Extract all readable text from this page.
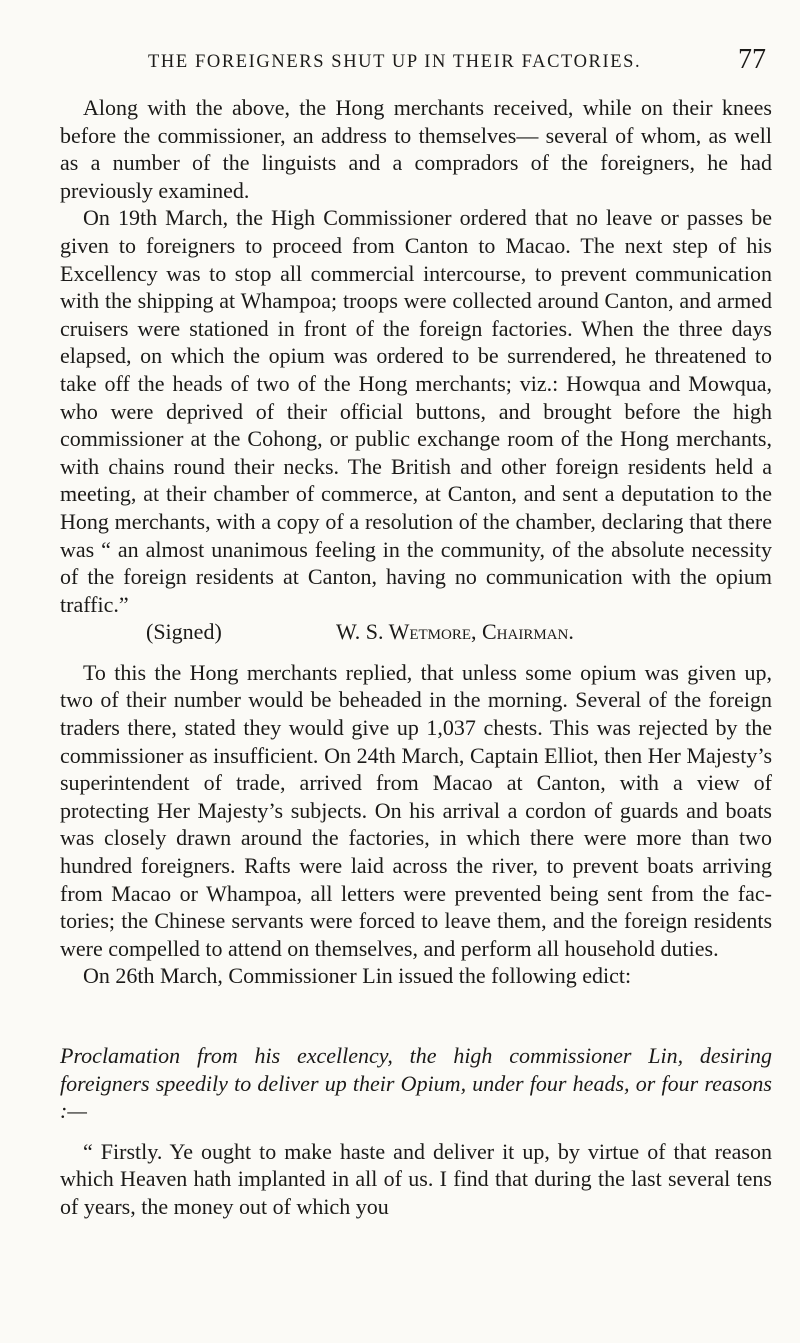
THE FOREIGNERS SHUT UP IN THEIR FACTORIES.	77

Along with the above, the Hong merchants received, while on their knees before the commissioner, an address to themselves— several of whom, as well as a number of the linguists and a compradors of the foreigners, he had previously examined.

On 19th March, the High Commissioner ordered that no leave or passes be given to foreigners to proceed from Canton to Macao. The next step of his Excellency was to stop all commercial intercourse, to prevent communication with the shipping at Whampoa; troops were collected around Canton, and armed cruisers were stationed in front of the foreign factories. When the three days elapsed, on which the opium was ordered to be surrendered, he threatened to take off the heads of two of the Hong merchants; viz.: Howqua and Mowqua, who were deprived of their official buttons, and brought before the high commissioner at the Cohong, or public exchange room of the Hong merchants, with chains round their necks. The British and other foreign residents held a meeting, at their chamber of commerce, at Canton, and sent a deputation to the Hong merchants, with a copy of a resolution of the chamber, declaring that there was “ an almost unanimous feeling in the community, of the absolute necessity of the foreign residents at Canton, having no communication with the opium traffic.”

(Signed)	W. S. Wetmore, Chairman.

To this the Hong merchants replied, that unless some opium was given up, two of their number would be beheaded in the morning. Several of the foreign traders there, stated they would give up 1,037 chests. This was rejected by the commissioner as insufficient. On 24th March, Captain Elliot, then Her Majesty’s superintendent of trade, arrived from Macao at Canton, with a view of protecting Her Majesty’s subjects. On his arrival a cordon of guards and boats was closely drawn around the factories, in which there were more than two hundred foreigners. Rafts were laid across the river, to prevent boats arriving from Macao or Whampoa, all letters were prevented being sent from the factories; the Chinese servants were forced to leave them, and the foreign residents were compelled to attend on themselves, and perform all household duties.

On 26th March, Commissioner Lin issued the following edict:

Proclamation from his excellency, the high commissioner Lin, desiring foreigners speedily to deliver up their Opium, under four heads, or four reasons :—

“ Firstly. Ye ought to make haste and deliver it up, by virtue of that reason which Heaven hath implanted in all of us. I find that during the last several tens of years, the money out of which you
